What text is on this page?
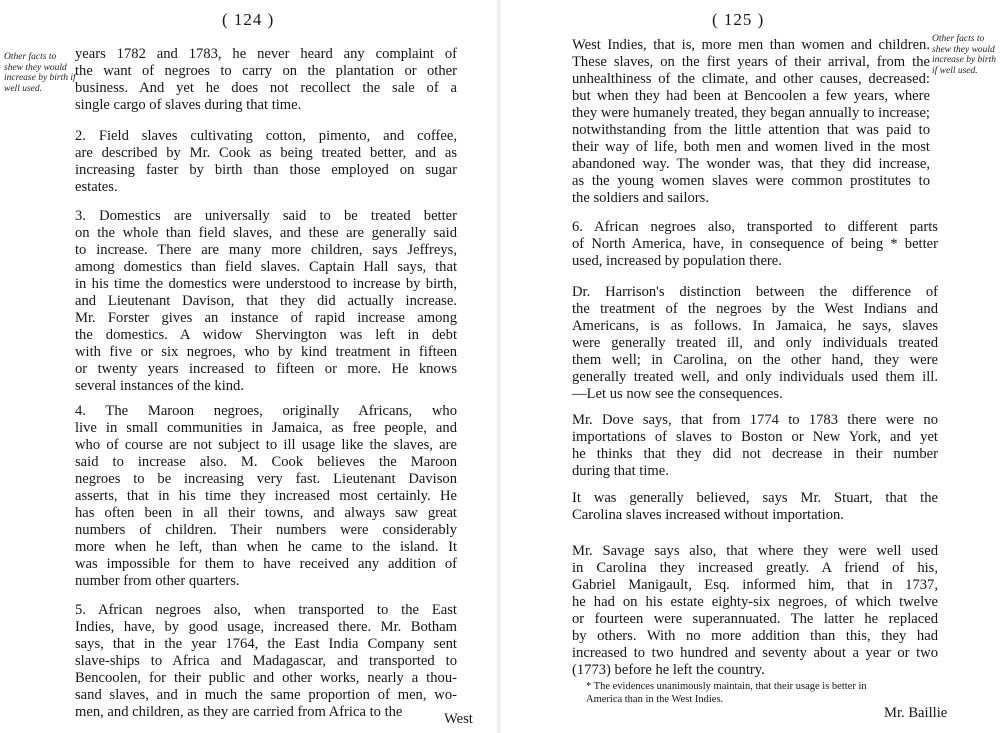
( 124 )
Other facts to shew they would increase by birth if well used.

years 1782 and 1783, he never heard any complaint of
the want of negroes to carry on the plantation or other
business. And yet he does not recollect the sale of a
single cargo of slaves during that time.

2. Field slaves cultivating cotton, pimento, and coffee,
are described by Mr. Cook as being treated better, and as
increasing faster by birth than those employed on sugar
estates.

3. Domestics are universally said to be treated better
on the whole than field slaves, and these are generally said
to increase. There are many more children, says Jeffreys,
among domestics than field slaves. Captain Hall says, that
in his time the domestics were understood to increase by birth,
and Lieutenant Davison, that they did actually increase.
Mr. Forster gives an instance of rapid increase among
the domestics. A widow Shervington was left in debt
with five or six negroes, who by kind treatment in fifteen
or twenty years increased to fifteen or more. He knows
several instances of the kind.

4. The Maroon negroes, originally Africans, who
live in small communities in Jamaica, as free people, and
who of course are not subject to ill usage like the slaves, are
said to increase also. M. Cook believes the Maroon
negroes to be increasing very fast. Lieutenant Davison
asserts, that in his time they increased most certainly. He
has often been in all their towns, and always saw great
numbers of children. Their numbers were considerably
more when he left, than when he came to the island. It
was impossible for them to have received any addition of
number from other quarters.

5. African negroes also, when transported to the East
Indies, have, by good usage, increased there. Mr. Botham
says, that in the year 1764, the East India Company sent
slave-ships to Africa and Madagascar, and transported to
Bencoolen, for their public and other works, nearly a thou-
sand slaves, and in much the same proportion of men, wo-
men, and children, as they are carried from Africa to the	West
( 125 )
Other facts to shew they would increase by birth if well used.

West Indies, that is, more men than women and children.
These slaves, on the first years of their arrival, from the
unhealthiness of the climate, and other causes, decreased:
but when they had been at Bencoolen a few years, where
they were humanely treated, they began annually to increase;
notwithstanding from the little attention that was paid to
their way of life, both men and women lived in the most
abandoned way. The wonder was, that they did increase,
as the young women slaves were common prostitutes to
the soldiers and sailors.

6. African negroes also, transported to different parts
of North America, have, in consequence of being * better
used, increased by population there.

Dr. Harrison's distinction between the difference of
the treatment of the negroes by the West Indians and
Americans, is as follows. In Jamaica, he says, slaves
were generally treated ill, and only individuals treated
them well; in Carolina, on the other hand, they were
generally treated well, and only individuals used them ill.
—Let us now see the consequences.

Mr. Dove says, that from 1774 to 1783 there were no
importations of slaves to Boston or New York, and yet
he thinks that they did not decrease in their number
during that time.

It was generally believed, says Mr. Stuart, that the
Carolina slaves increased without importation.

Mr. Savage says also, that where they were well used
in Carolina they increased greatly. A friend of his,
Gabriel Manigault, Esq. informed him, that in 1737,
he had on his estate eighty-six negroes, of which twelve
or fourteen were superannuated. The latter he replaced
by others. With no more addition than this, they had
increased to two hundred and seventy about a year or two
(1773) before he left the country.

* The evidences unanimously maintain, that their usage is better in
America than in the West Indies.

Mr. Baillie
